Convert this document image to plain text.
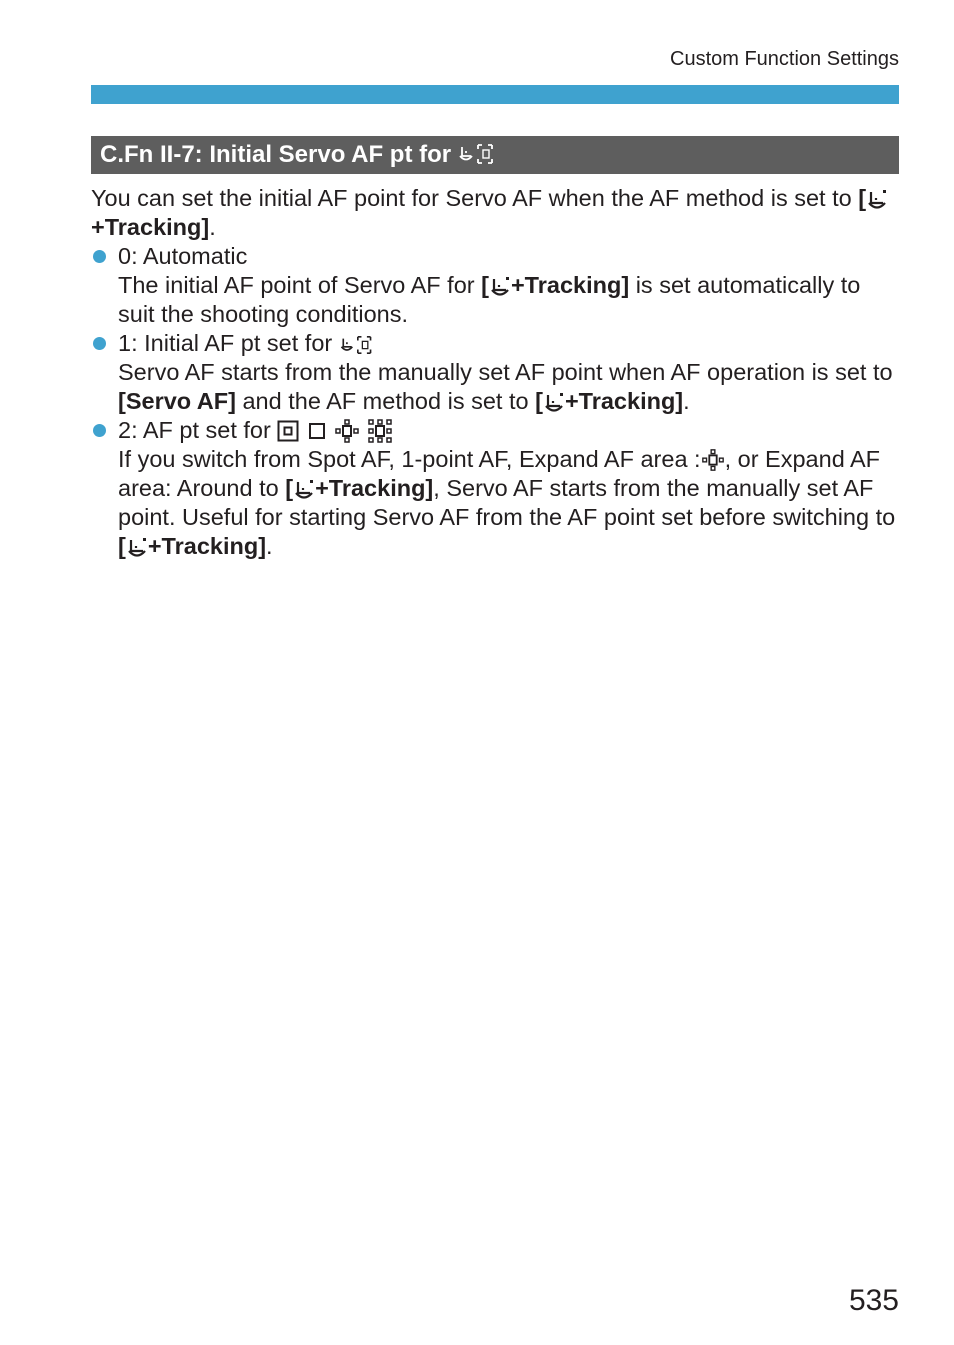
Custom Function Settings
C.Fn II-7: Initial Servo AF pt for

You can set the initial AF point for Servo AF when the AF method is set to [+Tracking].

0: Automatic

The initial AF point of Servo AF for [ +Tracking] is set automatically to suit the shooting conditions.

1: Initial AF pt set for

Servo AF starts from the manually set AF point when AF operation is set to [Servo AF] and the AF method is set to [ +Tracking].

2: AF pt set for

If you switch from Spot AF, 1-point AF, Expand AF area : , or Expand AF area: Around to [ +Tracking], Servo AF starts from the manually set AF point. Useful for starting Servo AF from the AF point set before switching to [ +Tracking].

535
